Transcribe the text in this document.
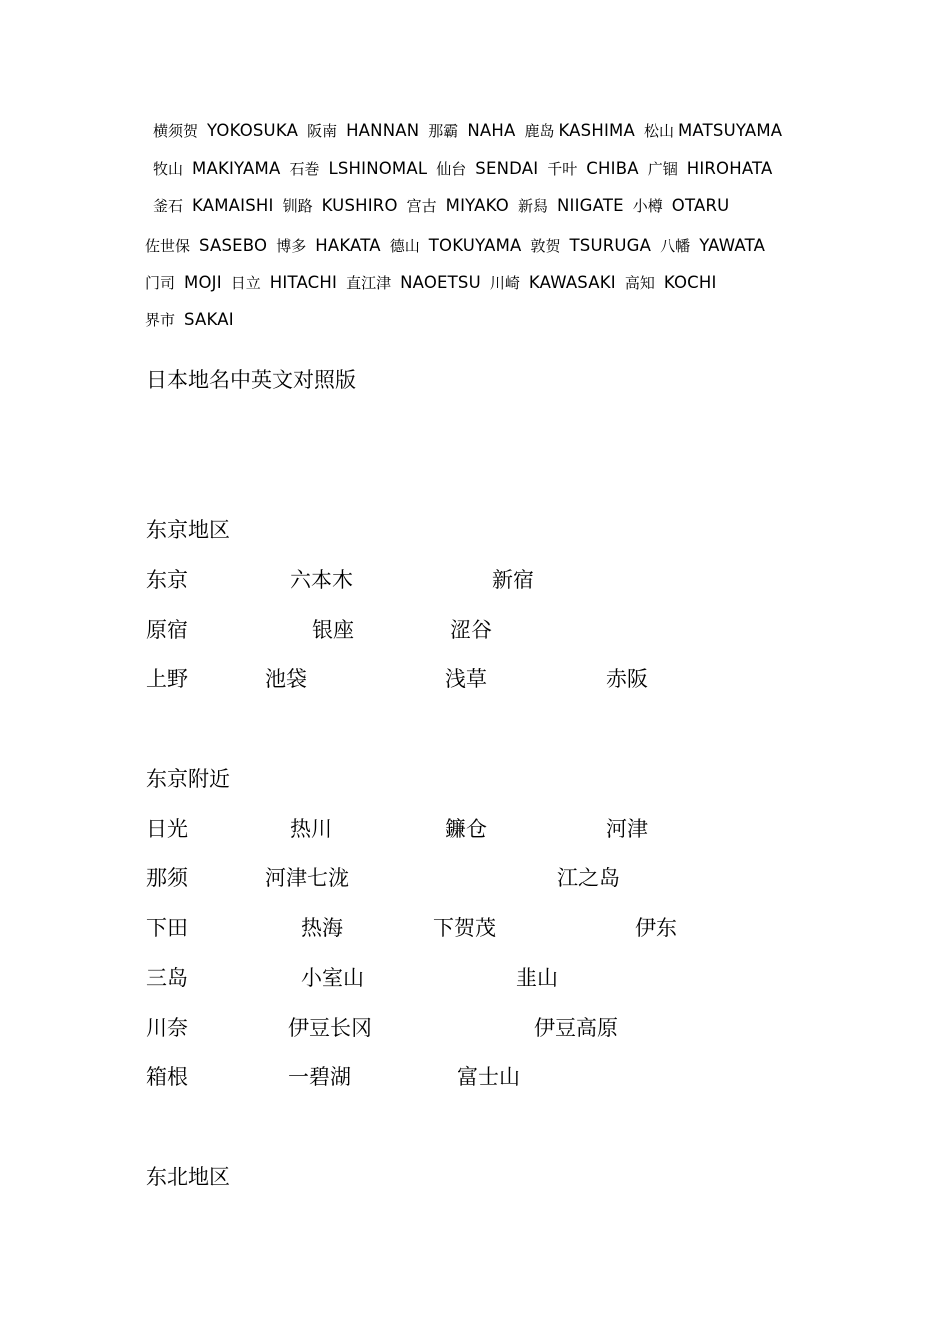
横须贺 YOKOSUKA 阪南 HANNAN 那霸 NAHA 鹿岛 KASHIMA 松山 MATSUYAMA
牧山 MAKIYAMA 石巻 LSHINOMAL 仙台 SENDAI 千叶 CHIBA 广锢 HIROHATA
釜石 KAMAISHI 钏路 KUSHIRO 宫古 MIYAKO 新舄 NIIGATE 小樽 OTARU
佐世保 SASEBO 博多 HAKATA 德山 TOKUYAMA 敦贺 TSURUGA 八幡 YAWATA
门司 MOJI 日立 HITACHI 直江津 NAOETSU 川崎 KAWASAKI 高知 KOCHI
界市 SAKAI
日本地名中英文对照版
东京地区
东京	六本木	新宿
原宿	银座	涩谷
上野	池袋	浅草	赤阪
东京附近
日光	热川	鐮仓	河津
那须	河津七泷	江之岛
下田	热海	下贺茂	伊东
三岛	小室山	韭山
川奈	伊豆长冈	伊豆高原
箱根	一碧湖	富士山
东北地区
